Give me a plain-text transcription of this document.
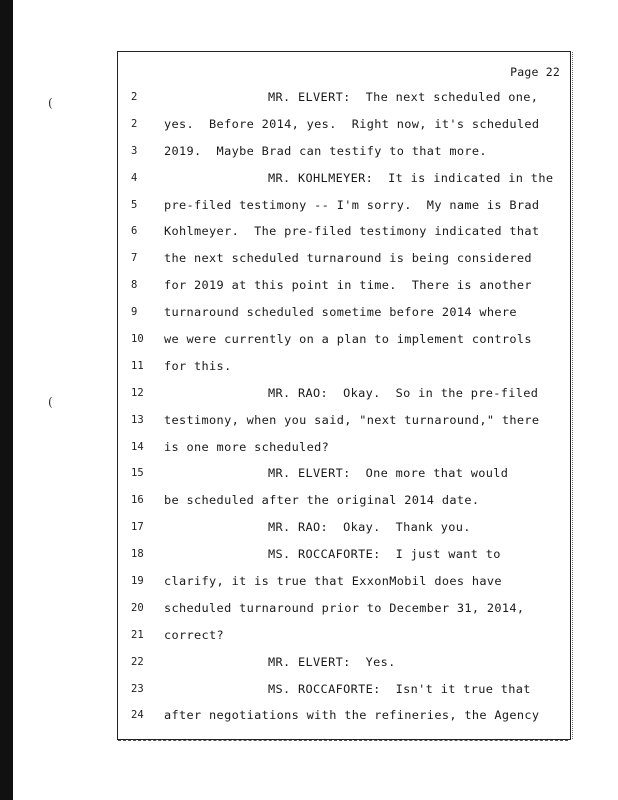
(
(
Page 22
2	MR. ELVERT:  The next scheduled one,
2	yes.  Before 2014, yes.  Right now, it's scheduled
3	2019.  Maybe Brad can testify to that more.
4	MR. KOHLMEYER:  It is indicated in the
5	pre-filed testimony -- I'm sorry.  My name is Brad
6	Kohlmeyer.  The pre-filed testimony indicated that
7	the next scheduled turnaround is being considered
8	for 2019 at this point in time.  There is another
9	turnaround scheduled sometime before 2014 where
10	we were currently on a plan to implement controls
11	for this.
12	MR. RAO:  Okay.  So in the pre-filed
13	testimony, when you said, "next turnaround," there
14	is one more scheduled?
15	MR. ELVERT:  One more that would
16	be scheduled after the original 2014 date.
17	MR. RAO:  Okay.  Thank you.
18	MS. ROCCAFORTE:  I just want to
19	clarify, it is true that ExxonMobil does have
20	scheduled turnaround prior to December 31, 2014,
21	correct?
22	MR. ELVERT:  Yes.
23	MS. ROCCAFORTE:  Isn't it true that
24	after negotiations with the refineries, the Agency
